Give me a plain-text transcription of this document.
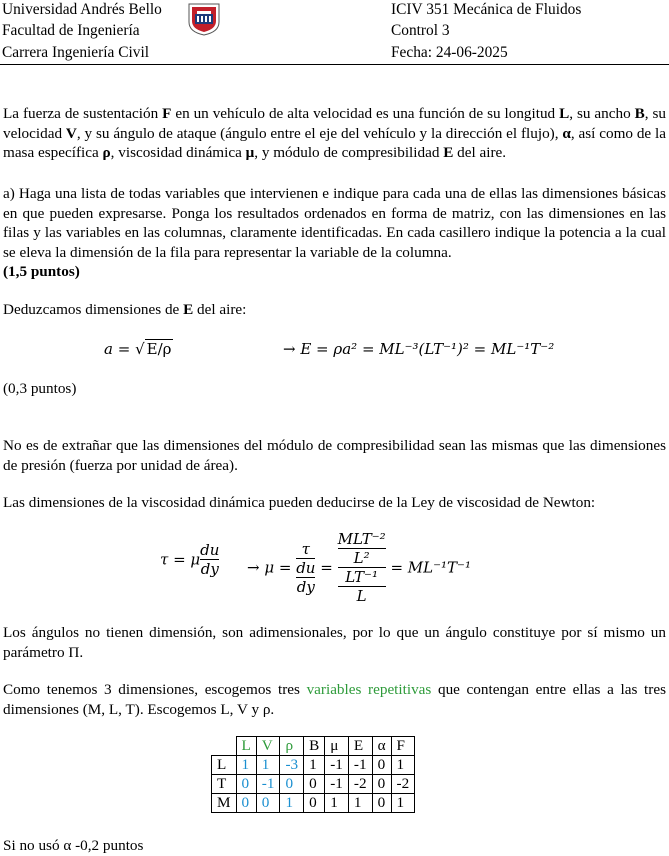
Universidad Andrés Bello
Facultad de Ingeniería
Carrera Ingeniería Civil
ICIV 351 Mecánica de Fluidos
Control 3
Fecha: 24-06-2025
La fuerza de sustentación F en un vehículo de alta velocidad es una función de su longitud L, su ancho B, su velocidad V, y su ángulo de ataque (ángulo entre el eje del vehículo y la dirección el flujo), α, así como de la masa específica ρ, viscosidad dinámica μ, y módulo de compresibilidad E del aire.
a) Haga una lista de todas variables que intervienen e indique para cada una de ellas las dimensiones básicas en que pueden expresarse. Ponga los resultados ordenados en forma de matriz, con las dimensiones en las filas y las variables en las columnas, claramente identificadas. En cada casillero indique la potencia a la cual se eleva la dimensión de la fila para representar la variable de la columna.
(1,5 puntos)
Deduzcamos dimensiones de E del aire:
a = √ E/ρ	→ E = ρa² = ML⁻³(LT⁻¹)² = ML⁻¹T⁻²
(0,3 puntos)
No es de extrañar que las dimensiones del módulo de compresibilidad sean las mismas que las dimensiones de presión (fuerza por unidad de área).
Las dimensiones de la viscosidad dinámica pueden deducirse de la Ley de viscosidad de Newton:
τ = μ $\frac{du}{dy} \to \mu = \tau$
du
dy = MLT⁻²
L²
LT⁻¹
L = ML⁻¹T⁻¹
Los ángulos no tienen dimensión, son adimensionales, por lo que un ángulo constituye por sí mismo un parámetro Π.
Como tenemos 3 dimensiones, escogemos tres variables repetitivas que contengan entre ellas a las tres dimensiones (M, L, T). Escogemos L, V y ρ.
	L	V	ρ	B	μ	E	α	F
L	1	1	-3	1	-1	-1	0	1
T	0	-1	0	0	-1	-2	0	-2
M	0	0	1	0	1	1	0	1
Si no usó α -0,2 puntos
